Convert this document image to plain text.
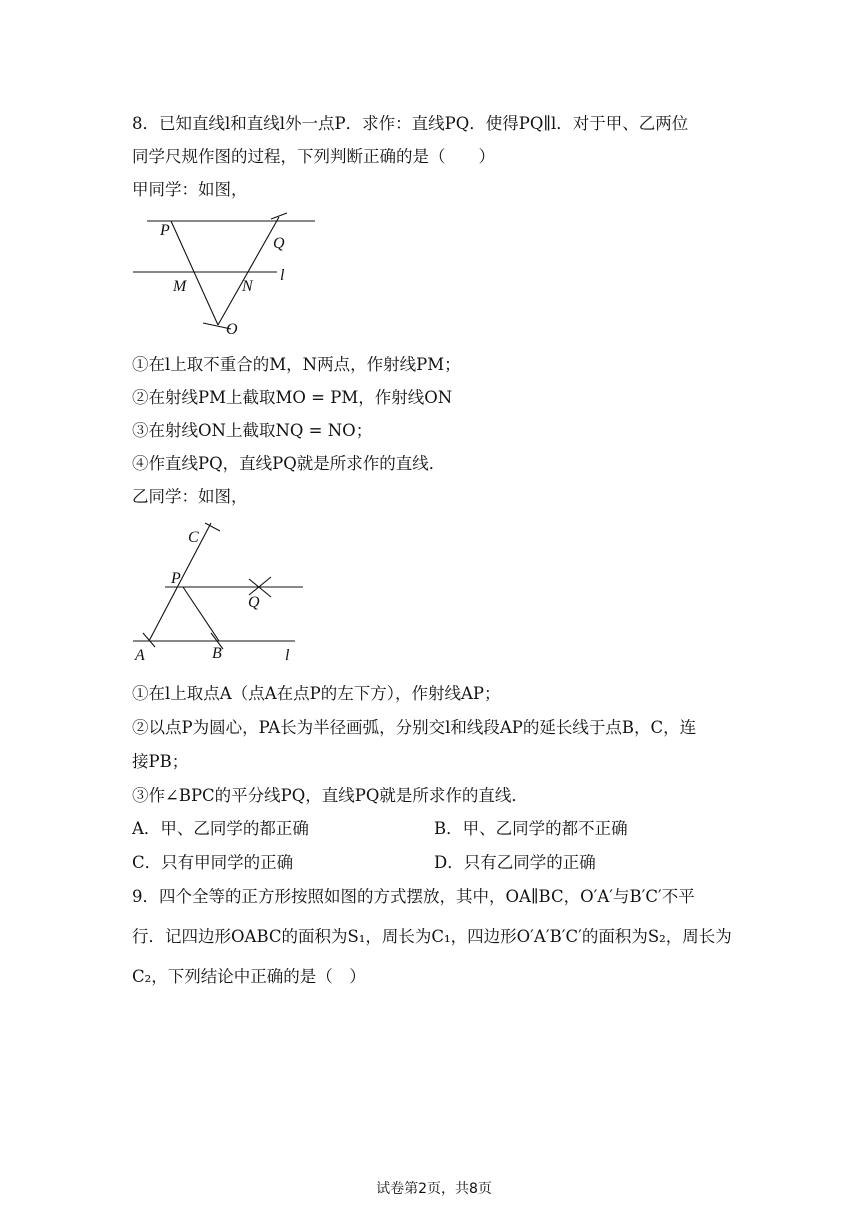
8．已知直线l和直线l外一点P．求作：直线PQ．使得PQ∥l．对于甲、乙两位
同学尺规作图的过程，下列判断正确的是（　　）
甲同学：如图，
P
Q
M	N
l
O
①在l上取不重合的M，N两点，作射线PM；
②在射线PM上截取MO = PM，作射线ON
③在射线ON上截取NQ = NO；
④作直线PQ，直线PQ就是所求作的直线．
乙同学：如图，
C
P
Q
A	B	l
①在l上取点A（点A在点P的左下方），作射线AP；
②以点P为圆心，PA长为半径画弧，分别交l和线段AP的延长线于点B，C，连
接PB；
③作∠BPC的平分线PQ，直线PQ就是所求作的直线．
A．甲、乙同学的都正确	B．甲、乙同学的都不正确
C．只有甲同学的正确	D．只有乙同学的正确
9．四个全等的正方形按照如图的方式摆放，其中，OA∥BC，O′A′与B′C′不平
行．记四边形OABC的面积为S₁，周长为C₁，四边形O′A′B′C′的面积为S₂，周长为
C₂，下列结论中正确的是（　）
试卷第2页，共8页
